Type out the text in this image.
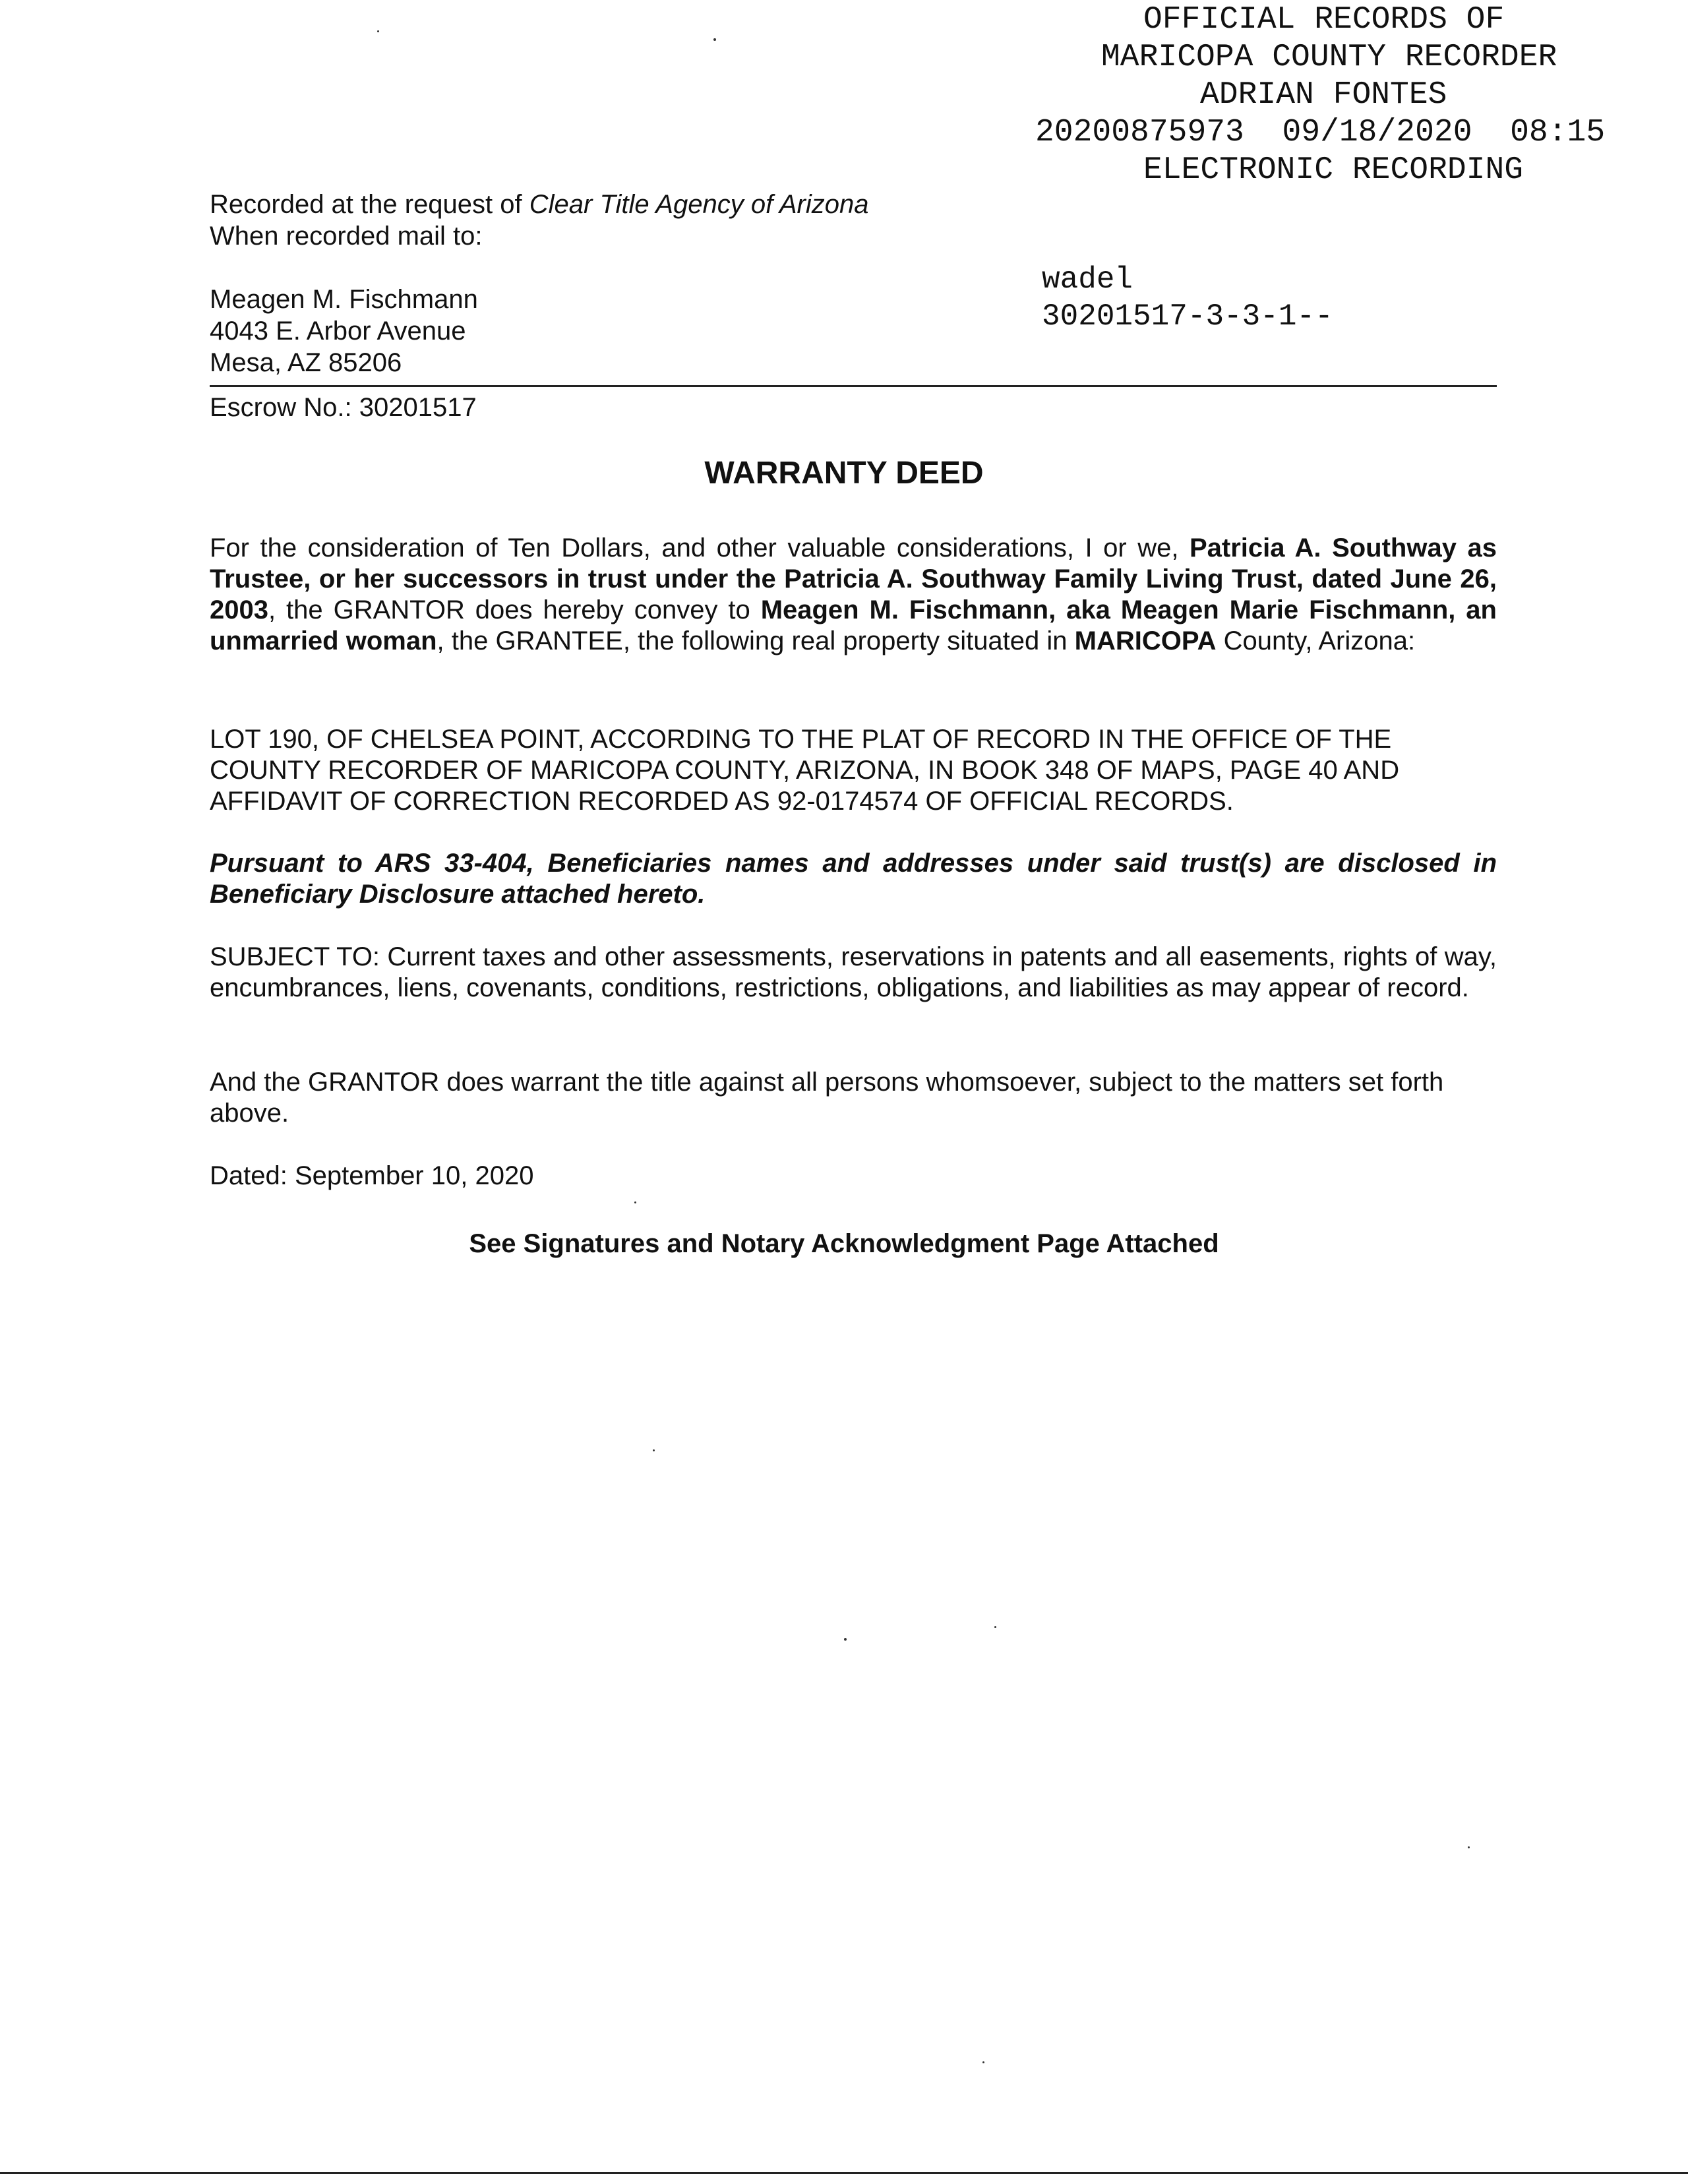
OFFICIAL RECORDS OF
MARICOPA COUNTY RECORDER
ADRIAN FONTES
20200875973  09/18/2020  08:15
ELECTRONIC RECORDING

30201517-3-3-1--

wadel

Recorded at the request of Clear Title Agency of Arizona
When recorded mail to:
Meagen M. Fischmann
4043 E. Arbor Avenue
Mesa, AZ 85206
Escrow No.: 30201517
WARRANTY DEED
For the consideration of Ten Dollars, and other valuable considerations, I or we, Patricia A. Southway as Trustee, or her successors in trust under the Patricia A. Southway Family Living Trust, dated June 26, 2003, the GRANTOR does hereby convey to Meagen M. Fischmann, aka Meagen Marie Fischmann, an unmarried woman, the GRANTEE, the following real property situated in MARICOPA County, Arizona:
LOT 190, OF CHELSEA POINT, ACCORDING TO THE PLAT OF RECORD IN THE OFFICE OF THE COUNTY RECORDER OF MARICOPA COUNTY, ARIZONA, IN BOOK 348 OF MAPS, PAGE 40 AND AFFIDAVIT OF CORRECTION RECORDED AS 92-0174574 OF OFFICIAL RECORDS.
Pursuant to ARS 33-404, Beneficiaries names and addresses under said trust(s) are disclosed in Beneficiary Disclosure attached hereto.
SUBJECT TO: Current taxes and other assessments, reservations in patents and all easements, rights of way, encumbrances, liens, covenants, conditions, restrictions, obligations, and liabilities as may appear of record.
And the GRANTOR does warrant the title against all persons whomsoever, subject to the matters set forth above.
Dated: September 10, 2020
See Signatures and Notary Acknowledgment Page Attached
